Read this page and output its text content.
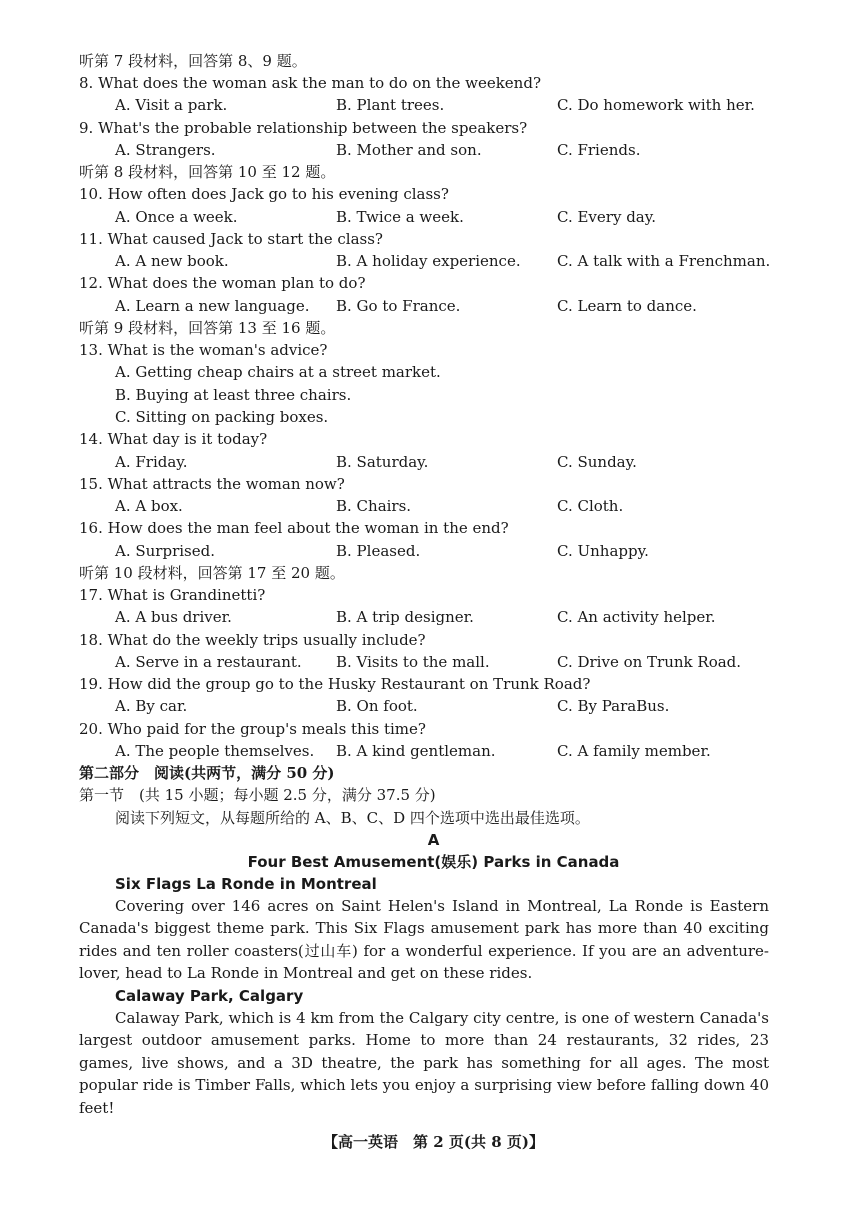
听第 7 段材料，回答第 8、9 题。
8. What does the woman ask the man to do on the weekend?
A. Visit a park.	B. Plant trees.	C. Do homework with her.
9. What's the probable relationship between the speakers?
A. Strangers.	B. Mother and son.	C. Friends.
听第 8 段材料，回答第 10 至 12 题。
10. How often does Jack go to his evening class?
A. Once a week.	B. Twice a week.	C. Every day.
11. What caused Jack to start the class?
A. A new book.	B. A holiday experience. C. A talk with a Frenchman.
12. What does the woman plan to do?
A. Learn a new language. B. Go to France.	C. Learn to dance.
听第 9 段材料，回答第 13 至 16 题。
13. What is the woman's advice?
A. Getting cheap chairs at a street market.
B. Buying at least three chairs.
C. Sitting on packing boxes.
14. What day is it today?
A. Friday.	B. Saturday.	C. Sunday.
15. What attracts the woman now?
A. A box.	B. Chairs.	C. Cloth.
16. How does the man feel about the woman in the end?
A. Surprised.	B. Pleased.	C. Unhappy.
听第 10 段材料，回答第 17 至 20 题。
17. What is Grandinetti?
A. A bus driver.	B. A trip designer.	C. An activity helper.
18. What do the weekly trips usually include?
A. Serve in a restaurant. B. Visits to the mall.	C. Drive on Trunk Road.
19. How did the group go to the Husky Restaurant on Trunk Road?
A. By car.	B. On foot.	C. By ParaBus.
20. Who paid for the group's meals this time?
A. The people themselves. B. A kind gentleman.	C. A family member.
第二部分　阅读(共两节，满分 50 分)
第一节　(共 15 小题；每小题 2.5 分，满分 37.5 分)
阅读下列短文，从每题所给的 A、B、C、D 四个选项中选出最佳选项。
A
Four Best Amusement(娱乐) Parks in Canada
Six Flags La Ronde in Montreal
Covering over 146 acres on Saint Helen's Island in Montreal, La Ronde is Eastern Canada's biggest theme park. This Six Flags amusement park has more than 40 exciting rides and ten roller coasters(过山车) for a wonderful experience. If you are an adventure-lover, head to La Ronde in Montreal and get on these rides.
Calaway Park, Calgary
Calaway Park, which is 4 km from the Calgary city centre, is one of western Canada's largest outdoor amusement parks. Home to more than 24 restaurants, 32 rides, 23 games, live shows, and a 3D theatre, the park has something for all ages. The most popular ride is Timber Falls, which lets you enjoy a surprising view before falling down 40 feet!
【高一英语　第 2 页(共 8 页)】
